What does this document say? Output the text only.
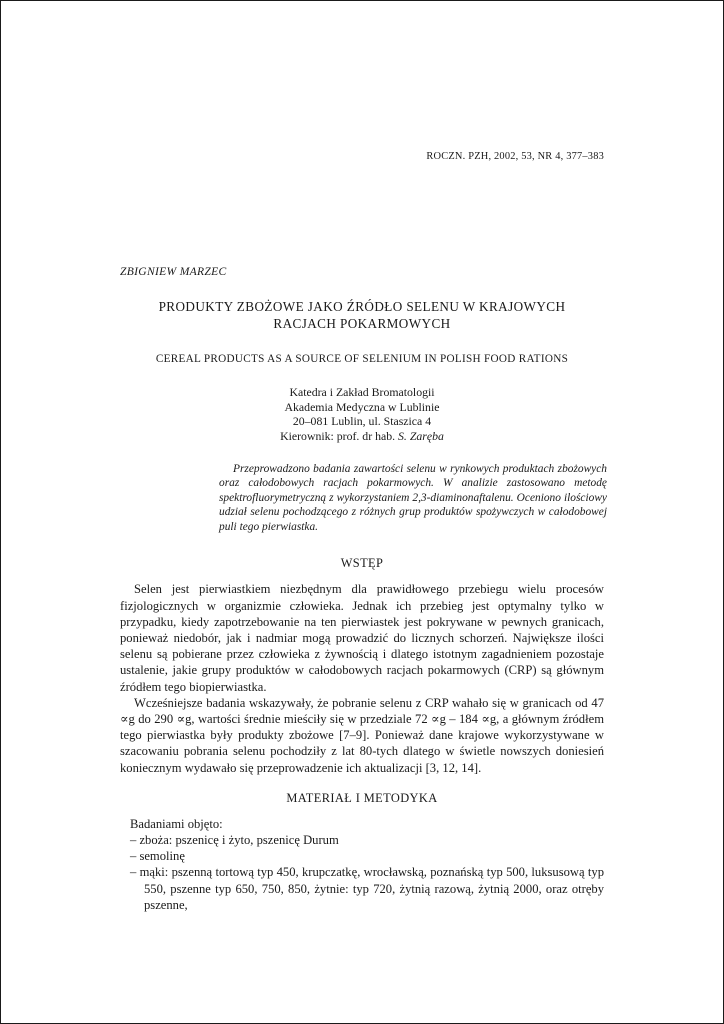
ROCZN. PZH, 2002, 53, NR 4, 377–383
ZBIGNIEW MARZEC
PRODUKTY ZBOŻOWE JAKO ŹRÓDŁO SELENU W KRAJOWYCH
RACJACH POKARMOWYCH
CEREAL PRODUCTS AS A SOURCE OF SELENIUM IN POLISH FOOD RATIONS
Katedra i Zakład Bromatologii
Akademia Medyczna w Lublinie
20–081 Lublin, ul. Staszica 4
Kierownik: prof. dr hab. S. Zaręba
Przeprowadzono badania zawartości selenu w rynkowych produktach zbożowych oraz całodobowych racjach pokarmowych. W analizie zastosowano metodę spektrofluorymetryczną z wykorzystaniem 2,3-diaminonaftalenu. Oceniono ilościowy udział selenu pochodzącego z różnych grup produktów spożywczych w całodobowej puli tego pierwiastka.
WSTĘP

Selen jest pierwiastkiem niezbędnym dla prawidłowego przebiegu wielu procesów fizjologicznych w organizmie człowieka. Jednak ich przebieg jest optymalny tylko w przypadku, kiedy zapotrzebowanie na ten pierwiastek jest pokrywane w pewnych granicach, ponieważ niedobór, jak i nadmiar mogą prowadzić do licznych schorzeń. Największe ilości selenu są pobierane przez człowieka z żywnością i dlatego istotnym zagadnieniem pozostaje ustalenie, jakie grupy produktów w całodobowych racjach pokarmowych (CRP) są głównym źródłem tego biopierwiastka.

Wcześniejsze badania wskazywały, że pobranie selenu z CRP wahało się w granicach od 47 ∝g do 290 ∝g, wartości średnie mieściły się w przedziale 72 ∝g – 184 ∝g, a głównym źródłem tego pierwiastka były produkty zbożowe [7–9]. Ponieważ dane krajowe wykorzystywane w szacowaniu pobrania selenu pochodziły z lat 80-tych dlatego w świetle nowszych doniesień koniecznym wydawało się przeprowadzenie ich aktualizacji [3, 12, 14].

MATERIAŁ I METODYKA

Badaniami objęto:

– zboża: pszenicę i żyto, pszenicę Durum
– semolinę
– mąki: pszenną tortową typ 450, krupczatkę, wrocławską, poznańską typ 500, luksusową typ 550, pszenne typ 650, 750, 850, żytnie: typ 720, żytnią razową, żytnią 2000, oraz otręby pszenne,
